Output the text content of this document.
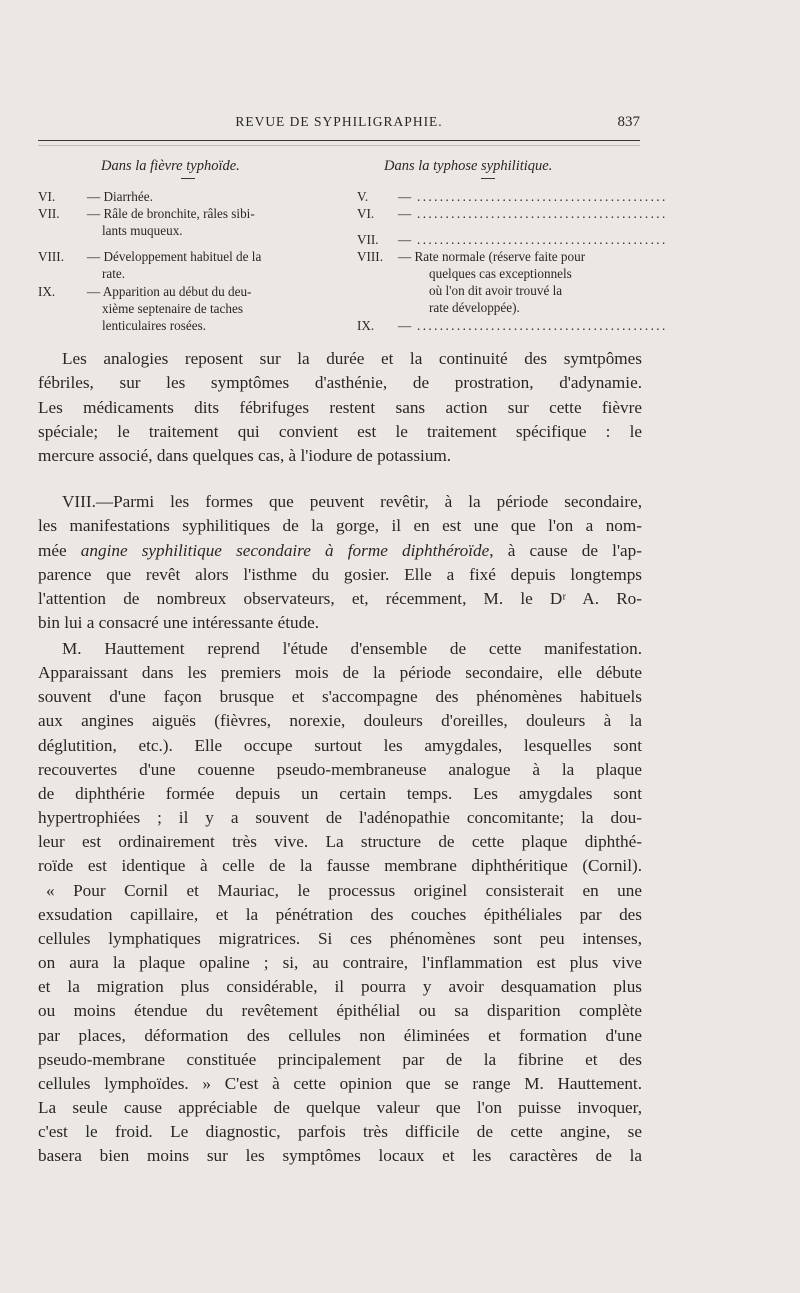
REVUE DE SYPHILIGRAPHIE.	837
Dans la fièvre typhoïde.	Dans la typhose syphilitique.
VI. — Diarrhée.
VII. — Râle de bronchite, râles sibi-
lants muqueux.
VIII. — Développement habituel de la
rate.
IX. — Apparition au début du deu-
xième septenaire de taches
lenticulaires rosées.
V. — ............................................
VI. — ............................................
VII. — ............................................
VIII. — Rate normale (réserve faite pour
quelques cas exceptionnels
où l'on dit avoir trouvé la
rate développée).
IX. — ............................................
Les analogies reposent sur la durée et la continuité des symtpômes
fébriles, sur les symptômes d'asthénie, de prostration, d'adynamie.
Les médicaments dits fébrifuges restent sans action sur cette fièvre
spéciale; le traitement qui convient est le traitement spécifique : le
mercure associé, dans quelques cas, à l'iodure de potassium.
VIII.—Parmi les formes que peuvent revêtir, à la période secondaire,
les manifestations syphilitiques de la gorge, il en est une que l'on a nom-
mée angine syphilitique secondaire à forme diphthéroïde, à cause de l'ap-
parence que revêt alors l'isthme du gosier. Elle a fixé depuis longtemps
l'attention de nombreux observateurs, et, récemment, M. le Dʳ A. Ro-
bin lui a consacré une intéressante étude.
M. Hauttement reprend l'étude d'ensemble de cette manifestation.
Apparaissant dans les premiers mois de la période secondaire, elle débute
souvent d'une façon brusque et s'accompagne des phénomènes habituels
aux angines aiguës (fièvres, norexie, douleurs d'oreilles, douleurs à la
déglutition, etc.). Elle occupe surtout les amygdales, lesquelles sont
recouvertes d'une couenne pseudo-membraneuse analogue à la plaque
de diphthérie formée depuis un certain temps. Les amygdales sont
hypertrophiées ; il y a souvent de l'adénopathie concomitante; la dou-
leur est ordinairement très vive. La structure de cette plaque diphthé-
roïde est identique à celle de la fausse membrane diphthéritique (Cornil).
« Pour Cornil et Mauriac, le processus originel consisterait en une
exsudation capillaire, et la pénétration des couches épithéliales par des
cellules lymphatiques migratrices. Si ces phénomènes sont peu intenses,
on aura la plaque opaline ; si, au contraire, l'inflammation est plus vive
et la migration plus considérable, il pourra y avoir desquamation plus
ou moins étendue du revêtement épithélial ou sa disparition complète
par places, déformation des cellules non éliminées et formation d'une
pseudo-membrane constituée principalement par de la fibrine et des
cellules lymphoïdes. » C'est à cette opinion que se range M. Hauttement.
La seule cause appréciable de quelque valeur que l'on puisse invoquer,
c'est le froid. Le diagnostic, parfois très difficile de cette angine, se
basera bien moins sur les symptômes locaux et les caractères de la
